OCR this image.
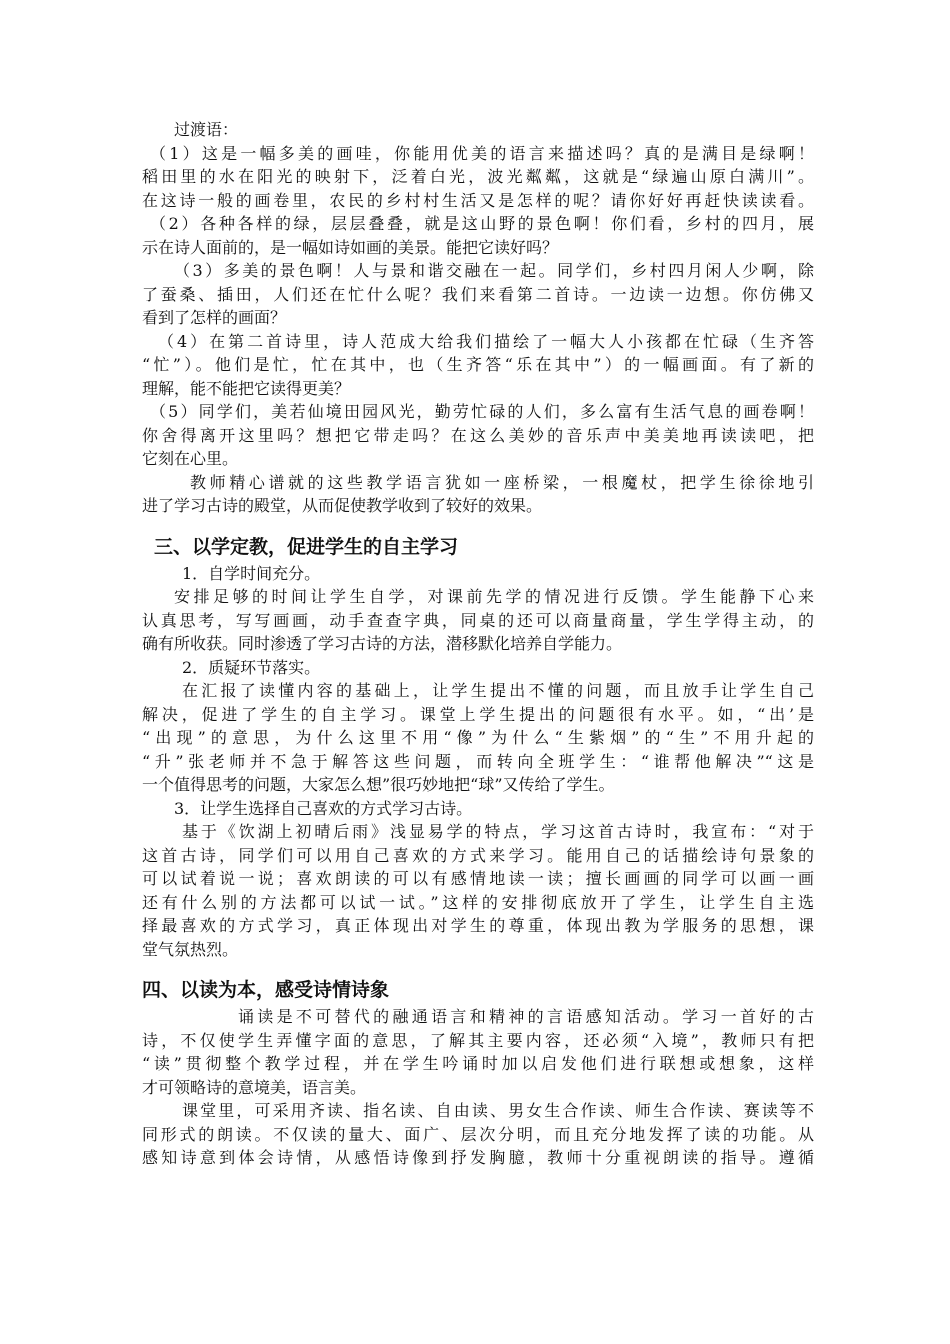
过渡语：
（1）这是一幅多美的画哇，你能用优美的语言来描述吗？真的是满目是绿啊！
稻田里的水在阳光的映射下，泛着白光，波光粼粼，这就是“绿遍山原白满川”。
在这诗一般的画卷里，农民的乡村村生活又是怎样的呢？请你好好再赶快读读看。
（2）各种各样的绿，层层叠叠，就是这山野的景色啊！你们看，乡村的四月，展
示在诗人面前的，是一幅如诗如画的美景。能把它读好吗？
（3）多美的景色啊！人与景和谐交融在一起。同学们，乡村四月闲人少啊，除
了蚕桑、插田，人们还在忙什么呢？我们来看第二首诗。一边读一边想。你仿佛又
看到了怎样的画面？
（4）在第二首诗里，诗人范成大给我们描绘了一幅大人小孩都在忙碌（生齐答
“忙”）。他们是忙，忙在其中，也（生齐答“乐在其中”）的一幅画面。有了新的
理解，能不能把它读得更美？
（5）同学们，美若仙境田园风光，勤劳忙碌的人们，多么富有生活气息的画卷啊！
你舍得离开这里吗？想把它带走吗？在这么美妙的音乐声中美美地再读读吧，把
它刻在心里。
教师精心谱就的这些教学语言犹如一座桥梁，一根魔杖，把学生徐徐地引
进了学习古诗的殿堂，从而促使教学收到了较好的效果。
三、以学定教，促进学生的自主学习
1．自学时间充分。
安排足够的时间让学生自学，对课前先学的情况进行反馈。学生能静下心来
认真思考，写写画画，动手查查字典，同桌的还可以商量商量，学生学得主动，的
确有所收获。同时渗透了学习古诗的方法，潜移默化培养自学能力。
2．质疑环节落实。
在汇报了读懂内容的基础上，让学生提出不懂的问题，而且放手让学生自己
解决，促进了学生的自主学习。课堂上学生提出的问题很有水平。如，“出’是
“出现”的意思，为什么这里不用“像”为什么“生紫烟”的“生”不用升起的
“升”张老师并不急于解答这些问题，而转向全班学生：“谁帮他解决”“这是
一个值得思考的问题，大家怎么想”很巧妙地把“球”又传给了学生。
3．让学生选择自己喜欢的方式学习古诗。
基于《饮湖上初晴后雨》浅显易学的特点，学习这首古诗时，我宣布：“对于
这首古诗，同学们可以用自己喜欢的方式来学习。能用自己的话描绘诗句景象的
可以试着说一说；喜欢朗读的可以有感情地读一读；擅长画画的同学可以画一画
还有什么别的方法都可以试一试。”这样的安排彻底放开了学生，让学生自主选
择最喜欢的方式学习，真正体现出对学生的尊重，体现出教为学服务的思想，课
堂气氛热烈。
四、以读为本，感受诗情诗象
诵读是不可替代的融通语言和精神的言语感知活动。学习一首好的古
诗，不仅使学生弄懂字面的意思，了解其主要内容，还必须“入境”，教师只有把
“读”贯彻整个教学过程，并在学生吟诵时加以启发他们进行联想或想象，这样
才可领略诗的意境美，语言美。
课堂里，可采用齐读、指名读、自由读、男女生合作读、师生合作读、赛读等不
同形式的朗读。不仅读的量大、面广、层次分明，而且充分地发挥了读的功能。从
感知诗意到体会诗情，从感悟诗像到抒发胸臆，教师十分重视朗读的指导。遵循
